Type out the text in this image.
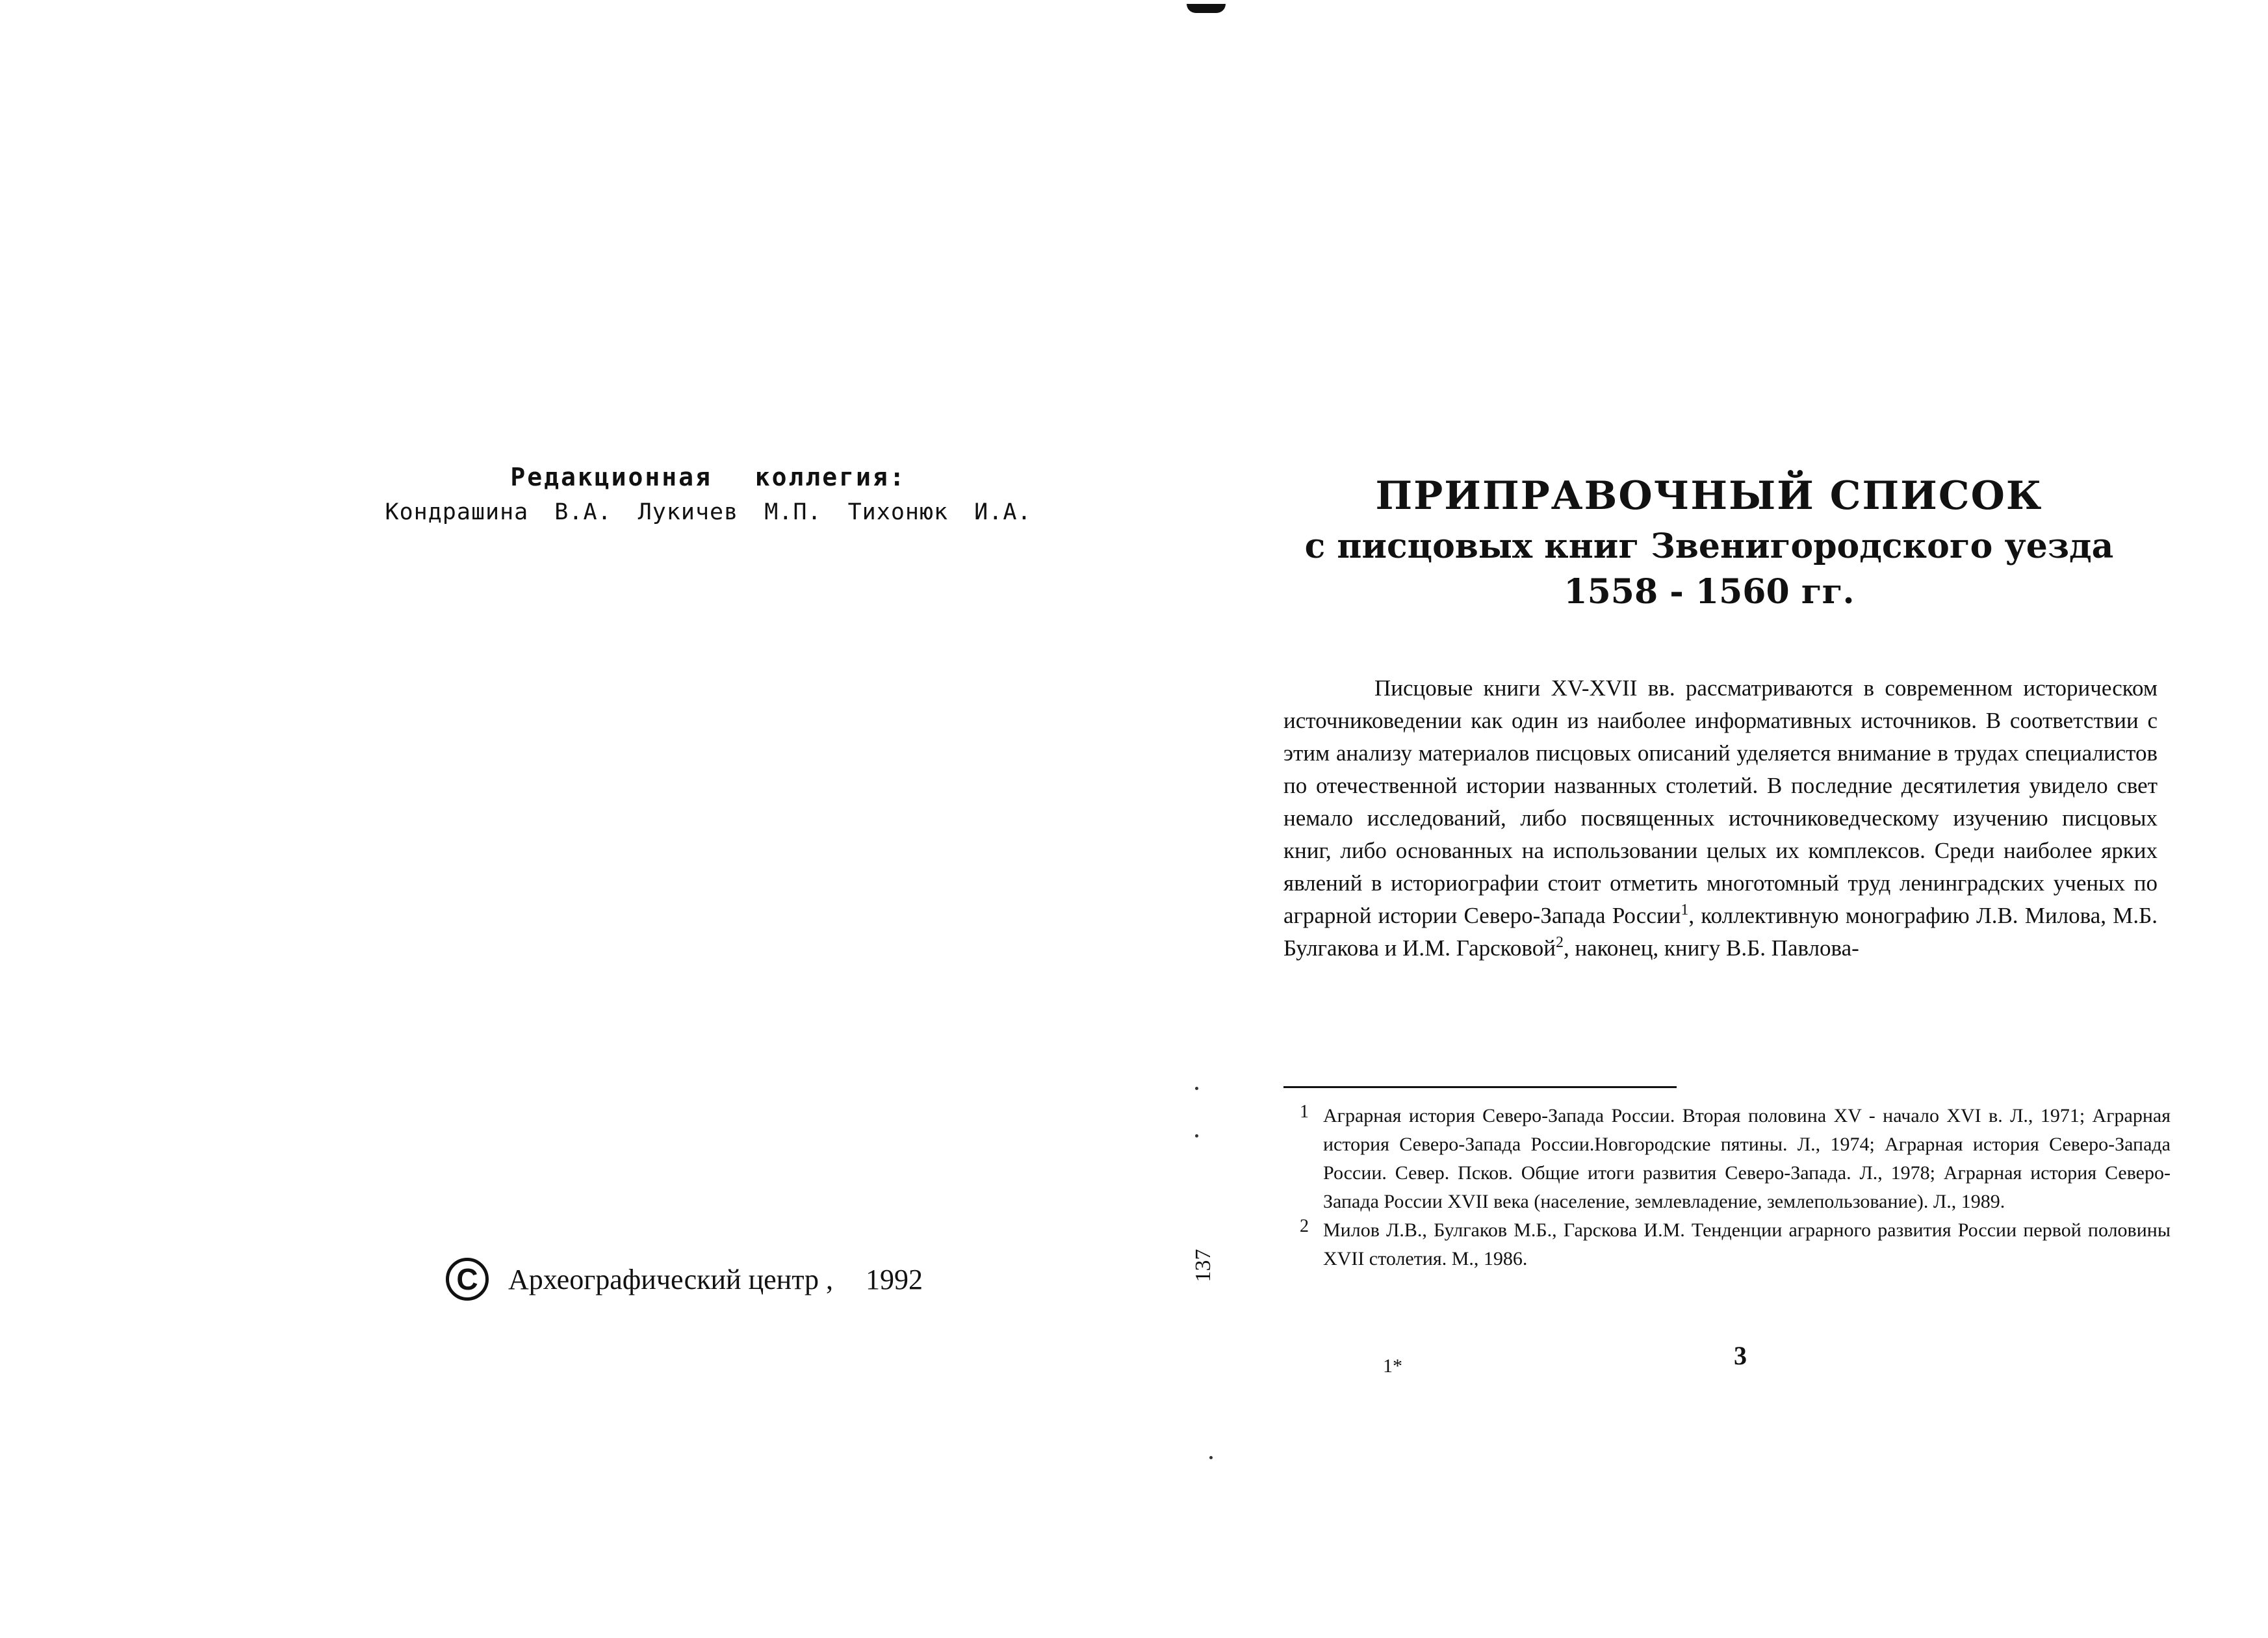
Редакционная коллегия:
Кондрашина В.А. Лукичев М.П. Тихонюк И.А.
C	Археографический центр , 1992	137
ПРИПРАВОЧНЫЙ СПИСОК
с писцовых книг Звенигородского уезда
1558 - 1560 гг.
Писцовые книги XV-XVII вв. рассматриваются в современном историческом источниковедении как один из наиболее информативных источников. В соответствии с этим анализу материалов писцовых описаний уделяется внимание в трудах специалистов по отечественной истории названных столетий. В последние десятилетия увидело свет немало исследований, либо посвященных источниковедческому изучению писцовых книг, либо основанных на использовании целых их комплексов. Среди наиболее ярких явлений в историографии стоит отметить многотомный труд ленинградских ученых по аграрной истории Северо-Запада России$^1$, коллективную монографию Л.В. Милова, М.Б. Булгакова и И.М. Гарсковой$^2$, наконец, книгу В.Б. Павлова-
1 Аграрная история Северо-Запада России. Вторая половина XV - начало XVI в. Л., 1971; Аграрная история Северо-Запада России.Новгородские пятины. Л., 1974; Аграрная история Северо-Запада России. Север. Псков. Общие итоги развития Северо-Запада. Л., 1978; Аграрная история Северо-Запада России XVII века (население, землевладение, землепользование). Л., 1989.
2 Милов Л.В., Булгаков М.Б., Гарскова И.М. Тенденции аграрного развития России первой половины XVII столетия. М., 1986.
1*	3
